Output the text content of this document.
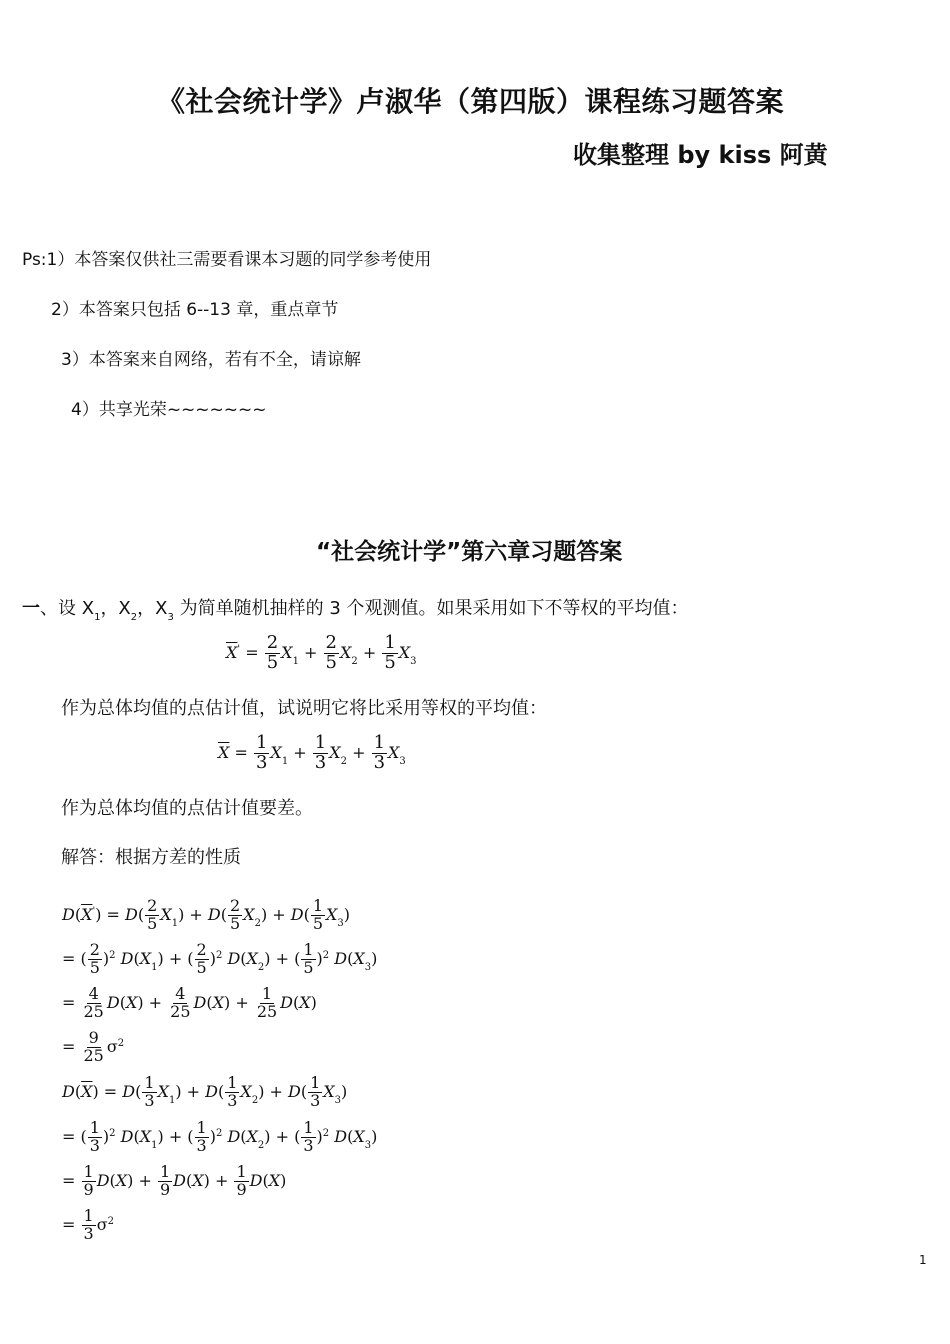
《社会统计学》卢淑华（第四版）课程练习题答案
收集整理 by kiss 阿黄
Ps:1）本答案仅供社三需要看课本习题的同学参考使用
2）本答案只包括 6--13 章，重点章节
3）本答案来自网络，若有不全，请谅解
4）共享光荣~~~~~~~
“社会统计学”第六章习题答案
一、设 $X_1$，$X_2$，$X_3$ 为简单随机抽样的 3 个观测值。如果采用如下不等权的平均值：
$\overline{X}' = \frac{2}{5} X_1 + \frac{2}{5} X_2 + \frac{1}{5} X_3$
作为总体均值的点估计值，试说明它将比采用等权的平均值：
$\overline{X} = \frac{1}{3} X_1 + \frac{1}{3} X_2 + \frac{1}{3} X_3$
作为总体均值的点估计值要差。
解答：根据方差的性质
$D(\overline{X}') = D( \frac{2}{5} X_1) + D( \frac{2}{5} X_2) + D( \frac{1}{5} X_3)$
= ( $\frac{2}{5} )^2$ $D(X_1)$ + ( $\frac{2}{5} )^2$ $D(X_2)$ + ( $\frac{1}{5} )^2$ $D(X_3)$
= $\frac{4}{25} D(X) + \frac{4}{25} D(X) + \frac{1}{25} D(X)$
= $\frac{9}{25} \sigma^2$
$D(\overline{X}) = D( \frac{1}{3} X_1) + D( \frac{1}{3} X_2) + D( \frac{1}{3} X_3)$
= ( $\frac{1}{3} )^2$ $D(X_1)$ + ( $\frac{1}{3} )^2$ $D(X_2)$ + ( $\frac{1}{3} )^2$ $D(X_3)$
= $\frac{1}{9} D(X) + \frac{1}{9} D(X) + \frac{1}{9} D(X)$
= $\frac{1}{3} \sigma^2$
1
